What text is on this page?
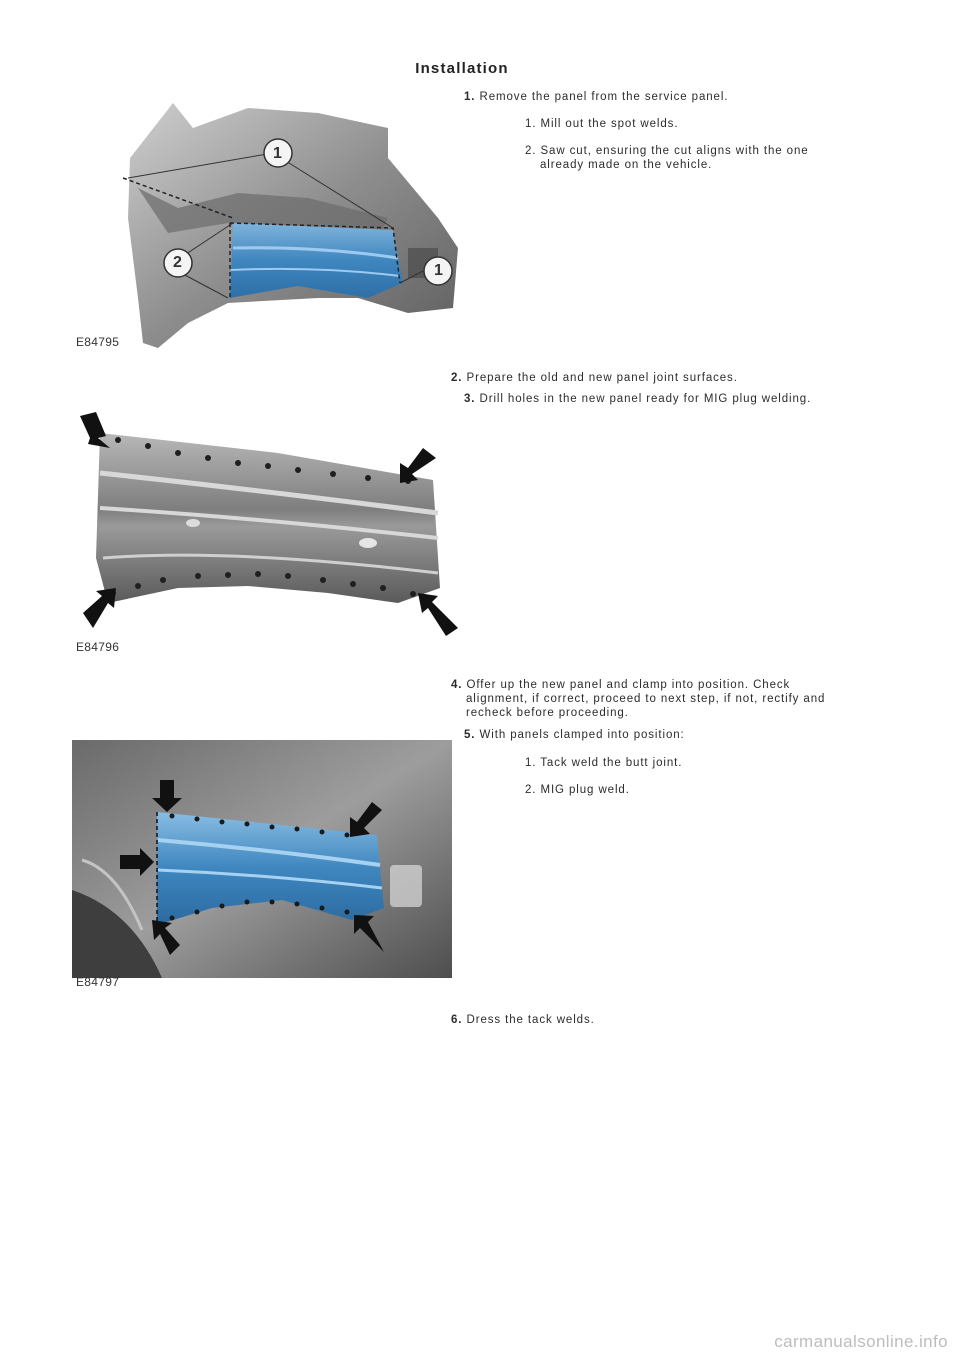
Installation
1. Remove the panel from the service panel.
1. Mill out the spot welds.
2. Saw cut, ensuring the cut aligns with the one
already made on the vehicle.
1
2	1
E84795
2. Prepare the old and new panel joint surfaces.
3. Drill holes in the new panel ready for MIG plug welding.
E84796
4. Offer up the new panel and clamp into position. Check
alignment, if correct, proceed to next step, if not, rectify and
recheck before proceeding.
5. With panels clamped into position:
1. Tack weld the butt joint.
2. MIG plug weld.
E84797
6. Dress the tack welds.
carmanualsonline.info
